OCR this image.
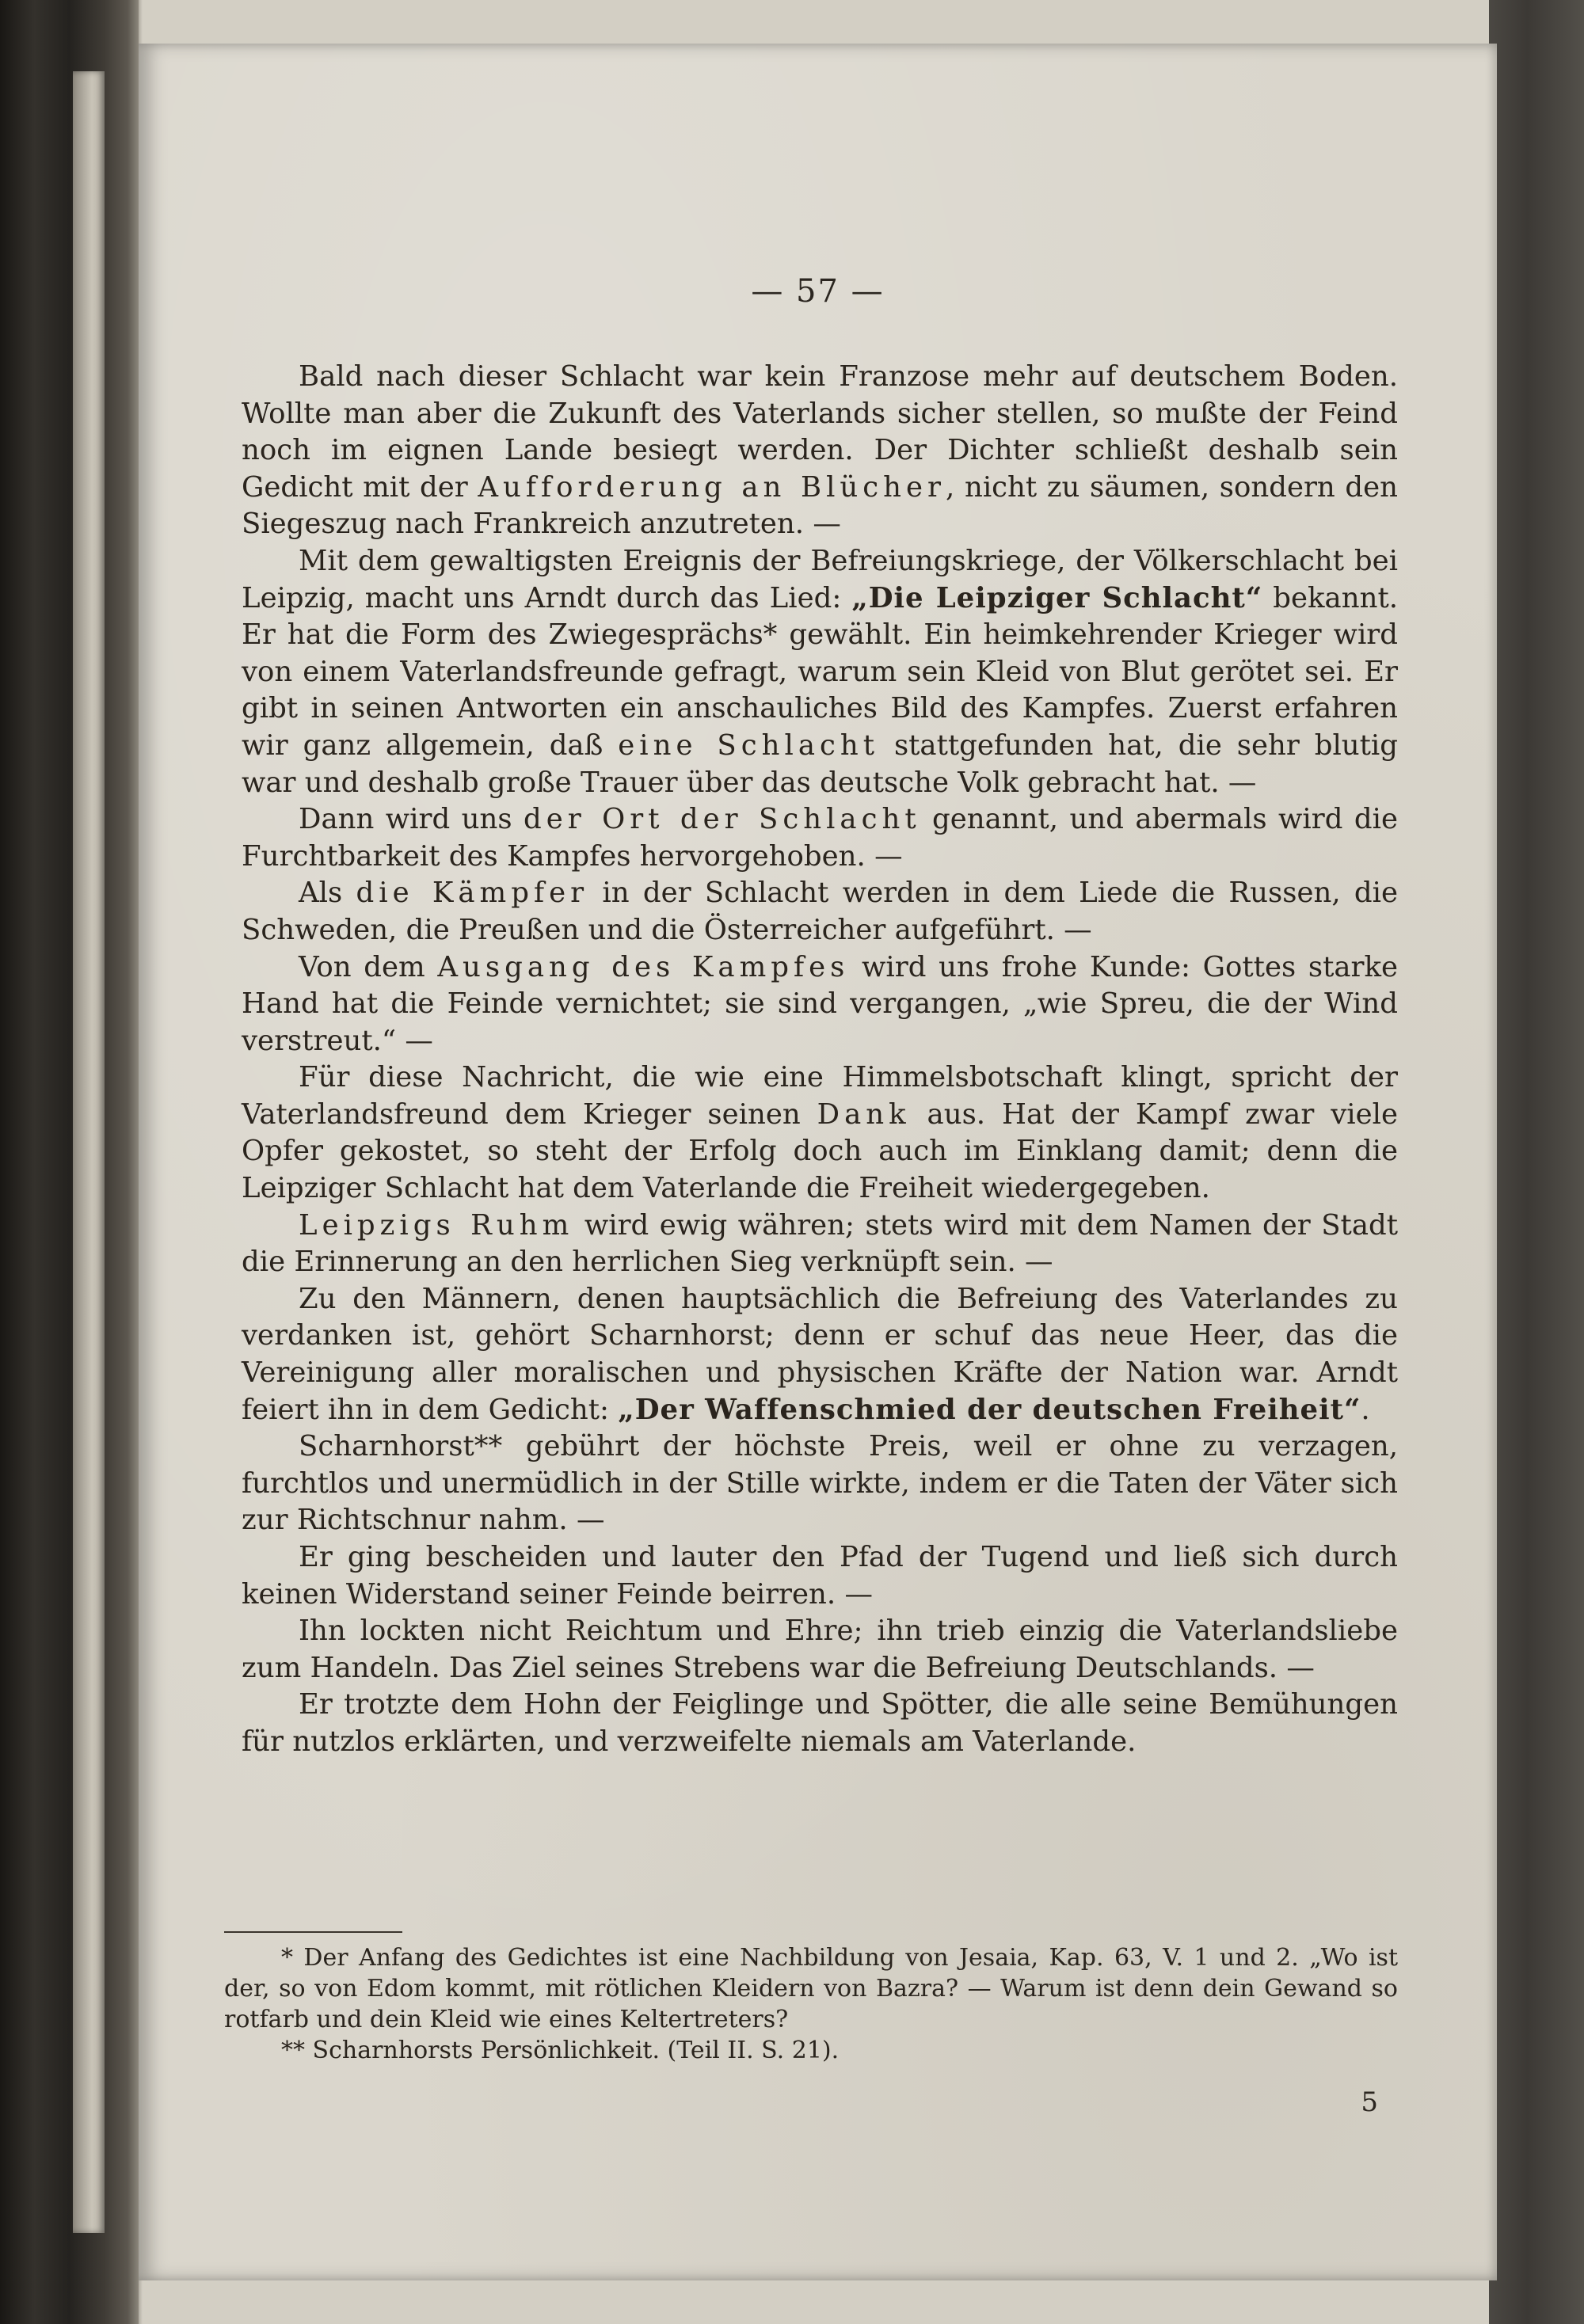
— 57 —

Bald nach dieser Schlacht war kein Franzose mehr auf deutschem Boden. Wollte man aber die Zukunft des Vaterlands sicher stellen, so mußte der Feind noch im eignen Lande besiegt werden. Der Dichter schließt deshalb sein Gedicht mit der Aufforderung an Blücher, nicht zu säumen, sondern den Siegeszug nach Frankreich anzutreten. —

Mit dem gewaltigsten Ereignis der Befreiungskriege, der Völkerschlacht bei Leipzig, macht uns Arndt durch das Lied: „Die Leipziger Schlacht“ bekannt. Er hat die Form des Zwiegesprächs* gewählt. Ein heimkehrender Krieger wird von einem Vaterlandsfreunde gefragt, warum sein Kleid von Blut gerötet sei. Er gibt in seinen Antworten ein anschauliches Bild des Kampfes. Zuerst erfahren wir ganz allgemein, daß eine Schlacht stattgefunden hat, die sehr blutig war und deshalb große Trauer über das deutsche Volk gebracht hat. —

Dann wird uns der Ort der Schlacht genannt, und abermals wird die Furchtbarkeit des Kampfes hervorgehoben. —

Als die Kämpfer in der Schlacht werden in dem Liede die Russen, die Schweden, die Preußen und die Österreicher aufgeführt. —

Von dem Ausgang des Kampfes wird uns frohe Kunde: Gottes starke Hand hat die Feinde vernichtet; sie sind vergangen, „wie Spreu, die der Wind verstreut.“ —

Für diese Nachricht, die wie eine Himmelsbotschaft klingt, spricht der Vaterlandsfreund dem Krieger seinen Dank aus. Hat der Kampf zwar viele Opfer gekostet, so steht der Erfolg doch auch im Einklang damit; denn die Leipziger Schlacht hat dem Vaterlande die Freiheit wiedergegeben.

Leipzigs Ruhm wird ewig währen; stets wird mit dem Namen der Stadt die Erinnerung an den herrlichen Sieg verknüpft sein. —

Zu den Männern, denen hauptsächlich die Befreiung des Vaterlandes zu verdanken ist, gehört Scharnhorst; denn er schuf das neue Heer, das die Vereinigung aller moralischen und physischen Kräfte der Nation war. Arndt feiert ihn in dem Gedicht: „Der Waffenschmied der deutschen Freiheit“.

Scharnhorst** gebührt der höchste Preis, weil er ohne zu verzagen, furchtlos und unermüdlich in der Stille wirkte, indem er die Taten der Väter sich zur Richtschnur nahm. —

Er ging bescheiden und lauter den Pfad der Tugend und ließ sich durch keinen Widerstand seiner Feinde beirren. —

Ihn lockten nicht Reichtum und Ehre; ihn trieb einzig die Vaterlandsliebe zum Handeln. Das Ziel seines Strebens war die Befreiung Deutschlands. —

Er trotzte dem Hohn der Feiglinge und Spötter, die alle seine Bemühungen für nutzlos erklärten, und verzweifelte niemals am Vaterlande.

* Der Anfang des Gedichtes ist eine Nachbildung von Jesaia, Kap. 63, V. 1 und 2. „Wo ist der, so von Edom kommt, mit rötlichen Kleidern von Bazra? — Warum ist denn dein Gewand so rotfarb und dein Kleid wie eines Keltertreters?

** Scharnhorsts Persönlichkeit. (Teil II. S. 21).

5
